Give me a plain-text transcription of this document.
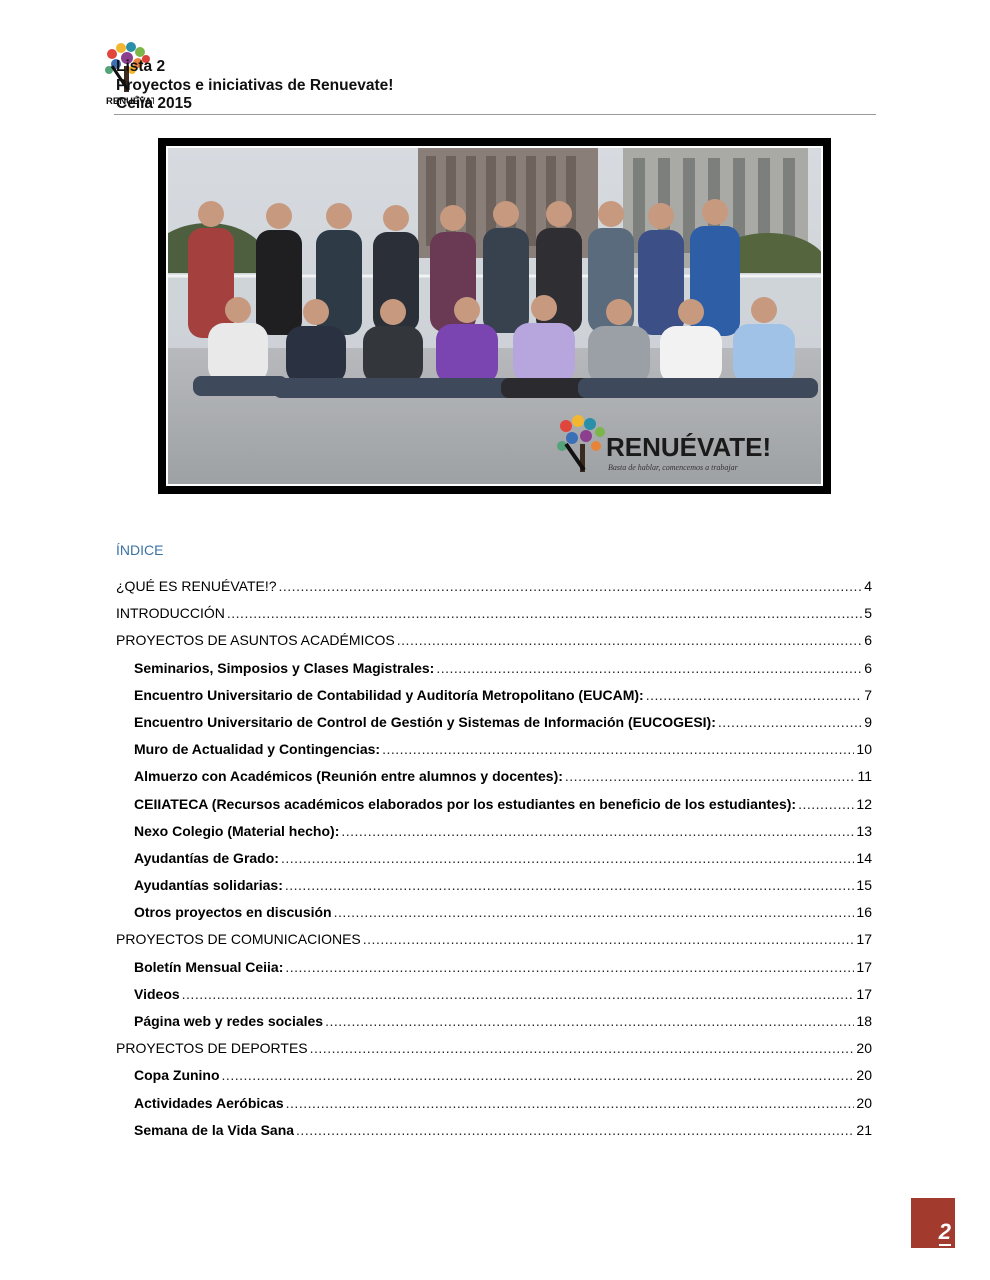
RENUÉVAT
Lista 2
Proyectos e iniciativas de Renuevate!
Ceiia 2015
RENUÉVATE!
Basta de hablar, comencemos a trabajar
ÍNDICE
¿QUÉ ES RENUÉVATE!? .....	4
INTRODUCCIÓN .....	5
PROYECTOS DE ASUNTOS ACADÉMICOS .....	6
Seminarios, Simposios y Clases Magistrales: .....	6
Encuentro Universitario de Contabilidad y Auditoría Metropolitano (EUCAM): .....	7
Encuentro Universitario de Control de Gestión y Sistemas de Información (EUCOGESI): .....	9
Muro de Actualidad y Contingencias: .....	10
Almuerzo con Académicos (Reunión entre alumnos y docentes): .....	11
CEIIATECA (Recursos académicos elaborados por los estudiantes en beneficio de los estudiantes): .....	12
Nexo Colegio (Material hecho): .....	13
Ayudantías de Grado: .....	14
Ayudantías solidarias: .....	15
Otros proyectos en discusión .....	16
PROYECTOS DE COMUNICACIONES .....	17
Boletín Mensual Ceiia: .....	17
Videos .....	17
Página web y redes sociales .....	18
PROYECTOS DE DEPORTES .....	20
Copa Zunino .....	20
Actividades Aeróbicas .....	20
Semana de la Vida Sana .....	21
2
